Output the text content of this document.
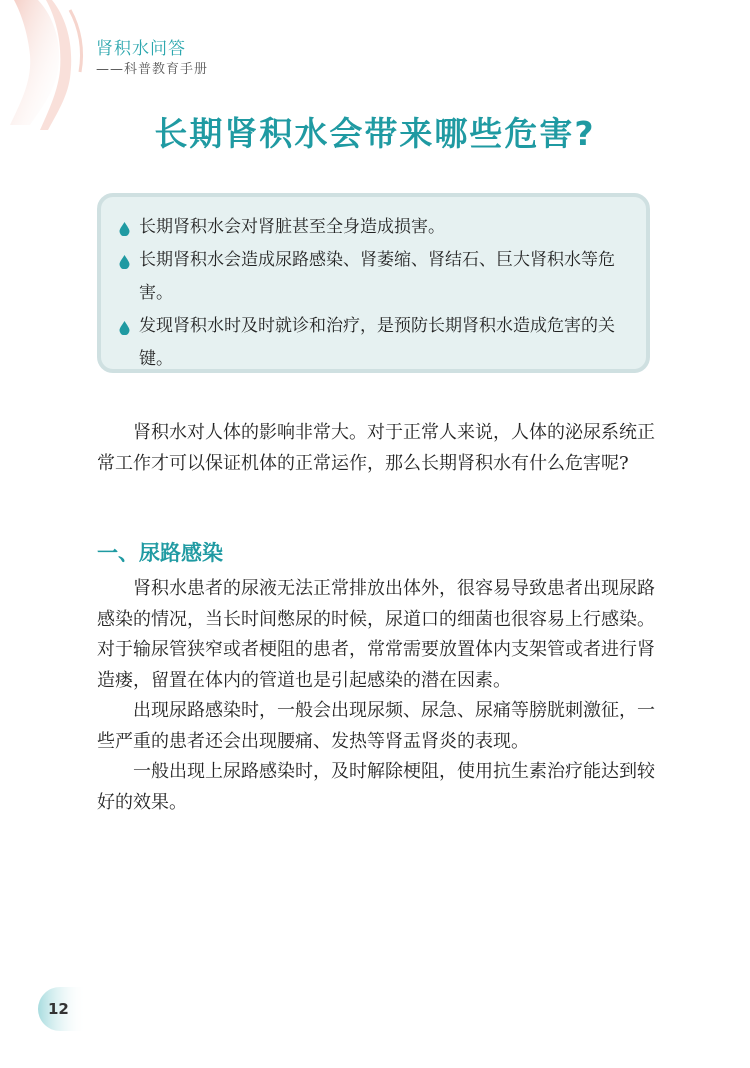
肾积水问答
——科普教育手册
长期肾积水会带来哪些危害?
长期肾积水会对肾脏甚至全身造成损害。
长期肾积水会造成尿路感染、肾萎缩、肾结石、巨大肾积水等危害。
发现肾积水时及时就诊和治疗，是预防长期肾积水造成危害的关键。

肾积水对人体的影响非常大。对于正常人来说，人体的泌尿系统正常工作才可以保证机体的正常运作，那么长期肾积水有什么危害呢?

一、尿路感染

肾积水患者的尿液无法正常排放出体外，很容易导致患者出现尿路感染的情况，当长时间憋尿的时候，尿道口的细菌也很容易上行感染。对于输尿管狭窄或者梗阻的患者，常常需要放置体内支架管或者进行肾造瘘，留置在体内的管道也是引起感染的潜在因素。

出现尿路感染时，一般会出现尿频、尿急、尿痛等膀胱刺激征，一些严重的患者还会出现腰痛、发热等肾盂肾炎的表现。

一般出现上尿路感染时，及时解除梗阻，使用抗生素治疗能达到较好的效果。

12
